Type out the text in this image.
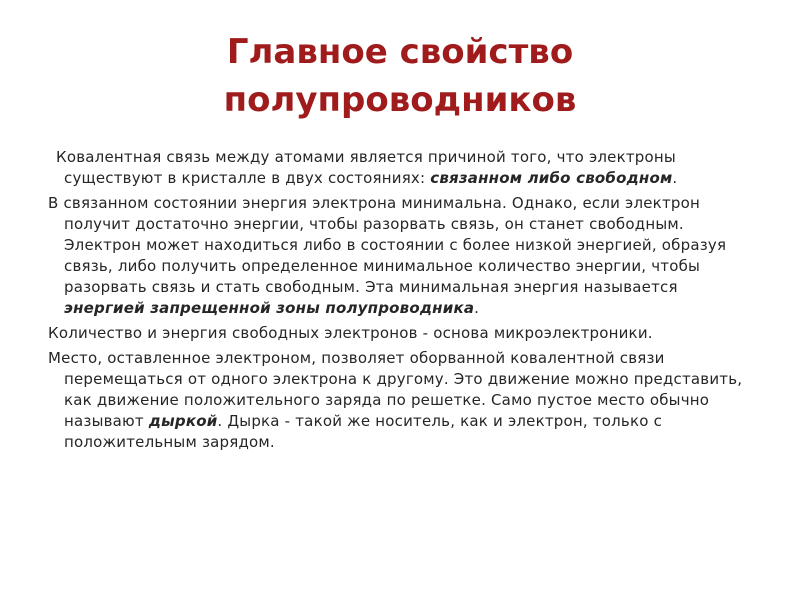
Главное свойство
полупроводников

Ковалентная связь между атомами является причиной того, что электроны существуют в кристалле в двух состояниях: связанном либо свободном.

В связанном состоянии энергия электрона минимальна. Однако, если электрон получит достаточно энергии, чтобы разорвать связь, он станет свободным. Электрон может находиться либо в состоянии с более низкой энергией, образуя связь, либо получить определенное минимальное количество энергии, чтобы разорвать связь и стать свободным. Эта минимальная энергия называется энергией запрещенной зоны полупроводника.

Количество и энергия свободных электронов - основа микроэлектроники.

Место, оставленное электроном, позволяет оборванной ковалентной связи перемещаться от одного электрона к другому. Это движение можно представить, как движение положительного заряда по решетке. Само пустое место обычно называют дыркой. Дырка - такой же носитель, как и электрон, только с положительным зарядом.
